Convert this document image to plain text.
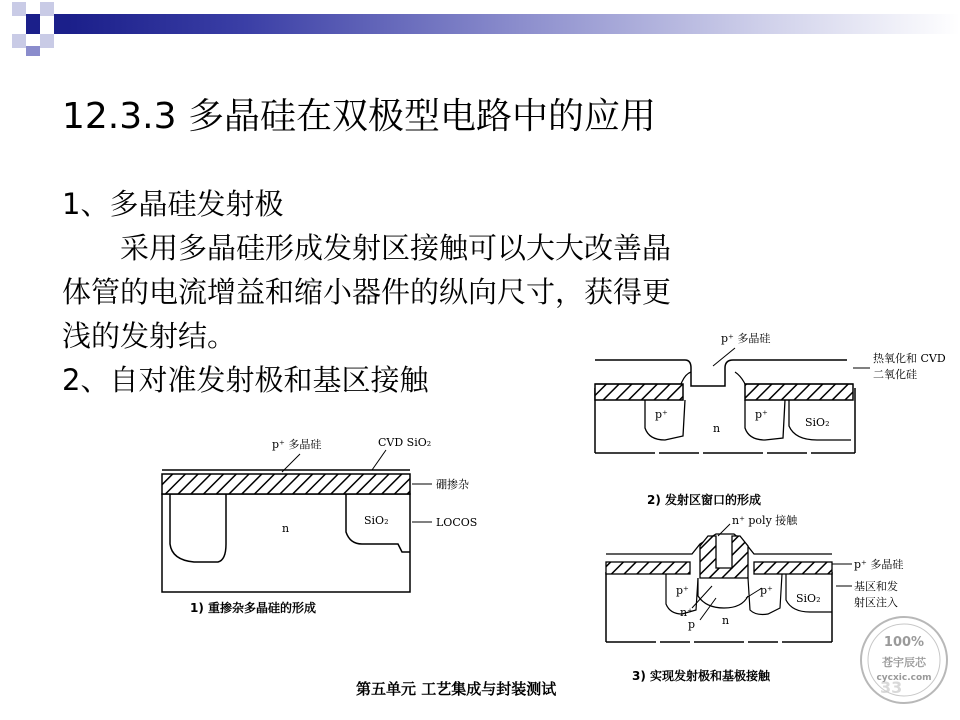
12.3.3 多晶硅在双极型电路中的应用
1、多晶硅发射极
　　采用多晶硅形成发射区接触可以大大改善晶
体管的电流增益和缩小器件的纵向尺寸，获得更
浅的发射结。
2、自对准发射极和基区接触
p⁺ 多晶硅	CVD SiO₂
硼掺杂
SiO₂	LOCOS
n
1) 重掺杂多晶硅的形成
p⁺ 多晶硅
热氧化和 CVD
二氧化硅
p⁺	p⁺
n	SiO₂
2) 发射区窗口的形成
n⁺ poly 接触
p⁺ 多晶硅
基区和发
射区注入
p⁺	p⁺
n⁺
p n
SiO₂
3) 实现发射极和基极接触
第五单元 工艺集成与封装测试
100%
苍宇辰芯
cycxic.com
